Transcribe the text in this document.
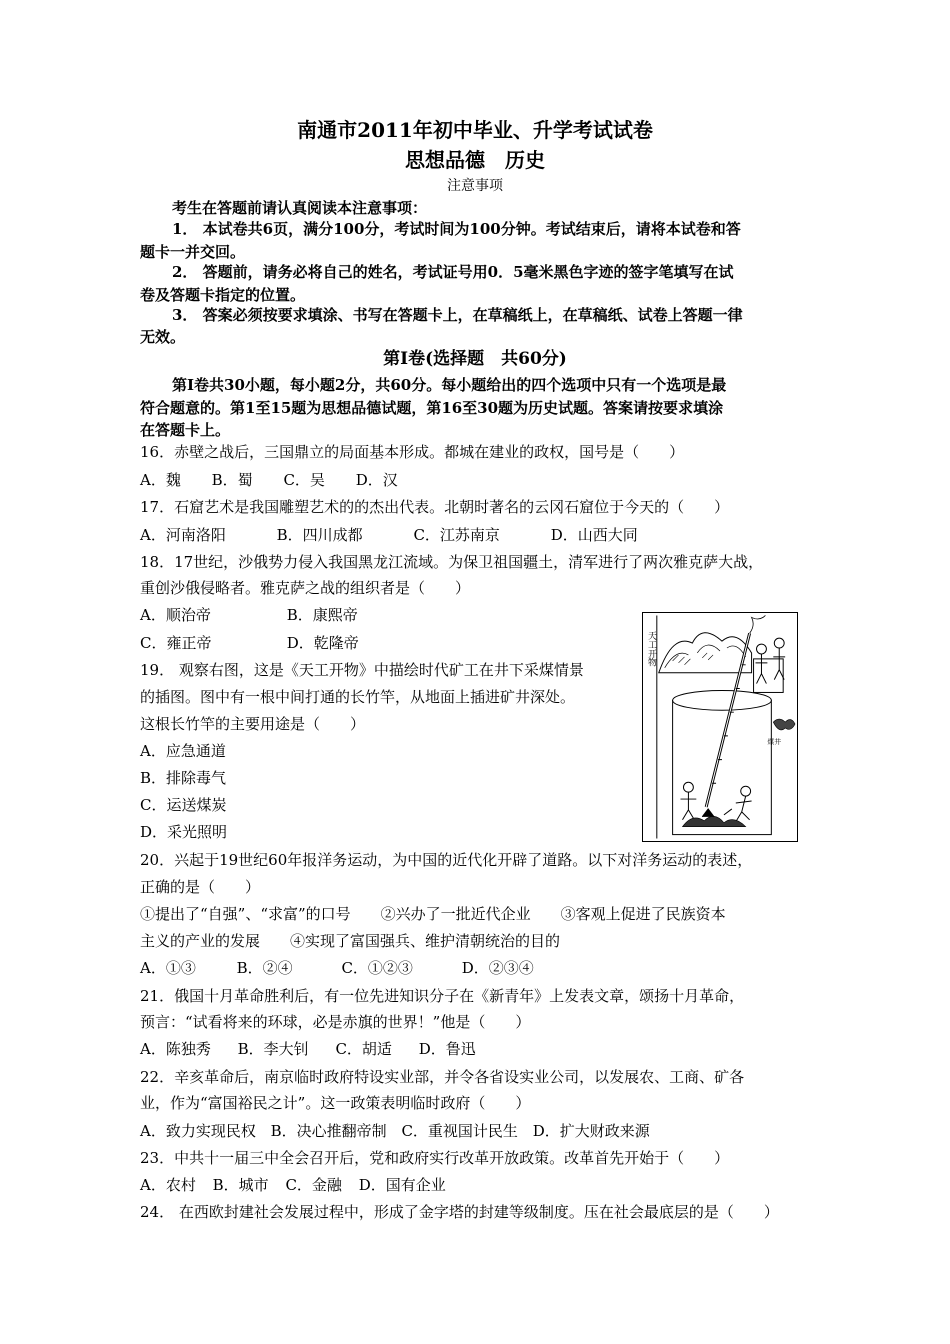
南通市2011年初中毕业、升学考试试卷
思想品德　历史
注意事项
考生在答题前请认真阅读本注意事项：
1． 本试卷共6页，满分100分，考试时间为100分钟。考试结束后，请将本试卷和答
题卡一并交回。
2． 答题前，请务必将自己的姓名，考试证号用0．5毫米黑色字迹的签字笔填写在试
卷及答题卡指定的位置。
3． 答案必须按要求填涂、书写在答题卡上，在草稿纸上，在草稿纸、试卷上答题一律
无效。
第Ⅰ卷(选择题　共60分)
第Ⅰ卷共30小题，每小题2分，共60分。每小题给出的四个选项中只有一个选项是最
符合题意的。第1至15题为思想品德试题，第16至30题为历史试题。答案请按要求填涂
在答题卡上。
16．赤壁之战后，三国鼎立的局面基本形成。都城在建业的政权，国号是（　　）
A．魏 B．蜀 C．吴 D．汉
17．石窟艺术是我国雕塑艺术的的杰出代表。北朝时著名的云冈石窟位于今天的（　　）
A．河南洛阳	B．四川成都	C．江苏南京	D．山西大同
18．17世纪，沙俄势力侵入我国黑龙江流域。为保卫祖国疆土，清军进行了两次雅克萨大战，
重创沙俄侵略者。雅克萨之战的组织者是（　　）
A．顺治帝	B．康熙帝
C．雍正帝	D．乾隆帝
19． 观察右图，这是《天工开物》中描绘时代矿工在井下采煤情景
的插图。图中有一根中间打通的长竹竿，从地面上插进矿井深处。
这根长竹竿的主要用途是（　　）
A．应急通道
B．排除毒气
C．运送煤炭
D．采光照明
天工开物
煤井
20．兴起于19世纪60年报洋务运动，为中国的近代化开辟了道路。以下对洋务运动的表述，
正确的是（　　）
①提出了“自强”、“求富”的口号　　②兴办了一批近代企业　　③客观上促进了民族资本
主义的产业的发展　　④实现了富国强兵、维护清朝统治的目的
A．①③	B．②④	C．①②③	D．②③④
21．俄国十月革命胜利后，有一位先进知识分子在《新青年》上发表文章，颂扬十月革命，
预言：“试看将来的环球，必是赤旗的世界！”他是（　　）
A．陈独秀 B．李大钊 C．胡适 D．鲁迅
22．辛亥革命后，南京临时政府特设实业部，并令各省设实业公司，以发展农、工商、矿各
业，作为“富国裕民之计”。这一政策表明临时政府（　　）
A．致力实现民权 B．决心推翻帝制 C．重视国计民生 D．扩大财政来源
23．中共十一届三中全会召开后，党和政府实行改革开放政策。改革首先开始于（　　）
A．农村 B．城市 C．金融 D．国有企业
24． 在西欧封建社会发展过程中，形成了金字塔的封建等级制度。压在社会最底层的是（　　）
